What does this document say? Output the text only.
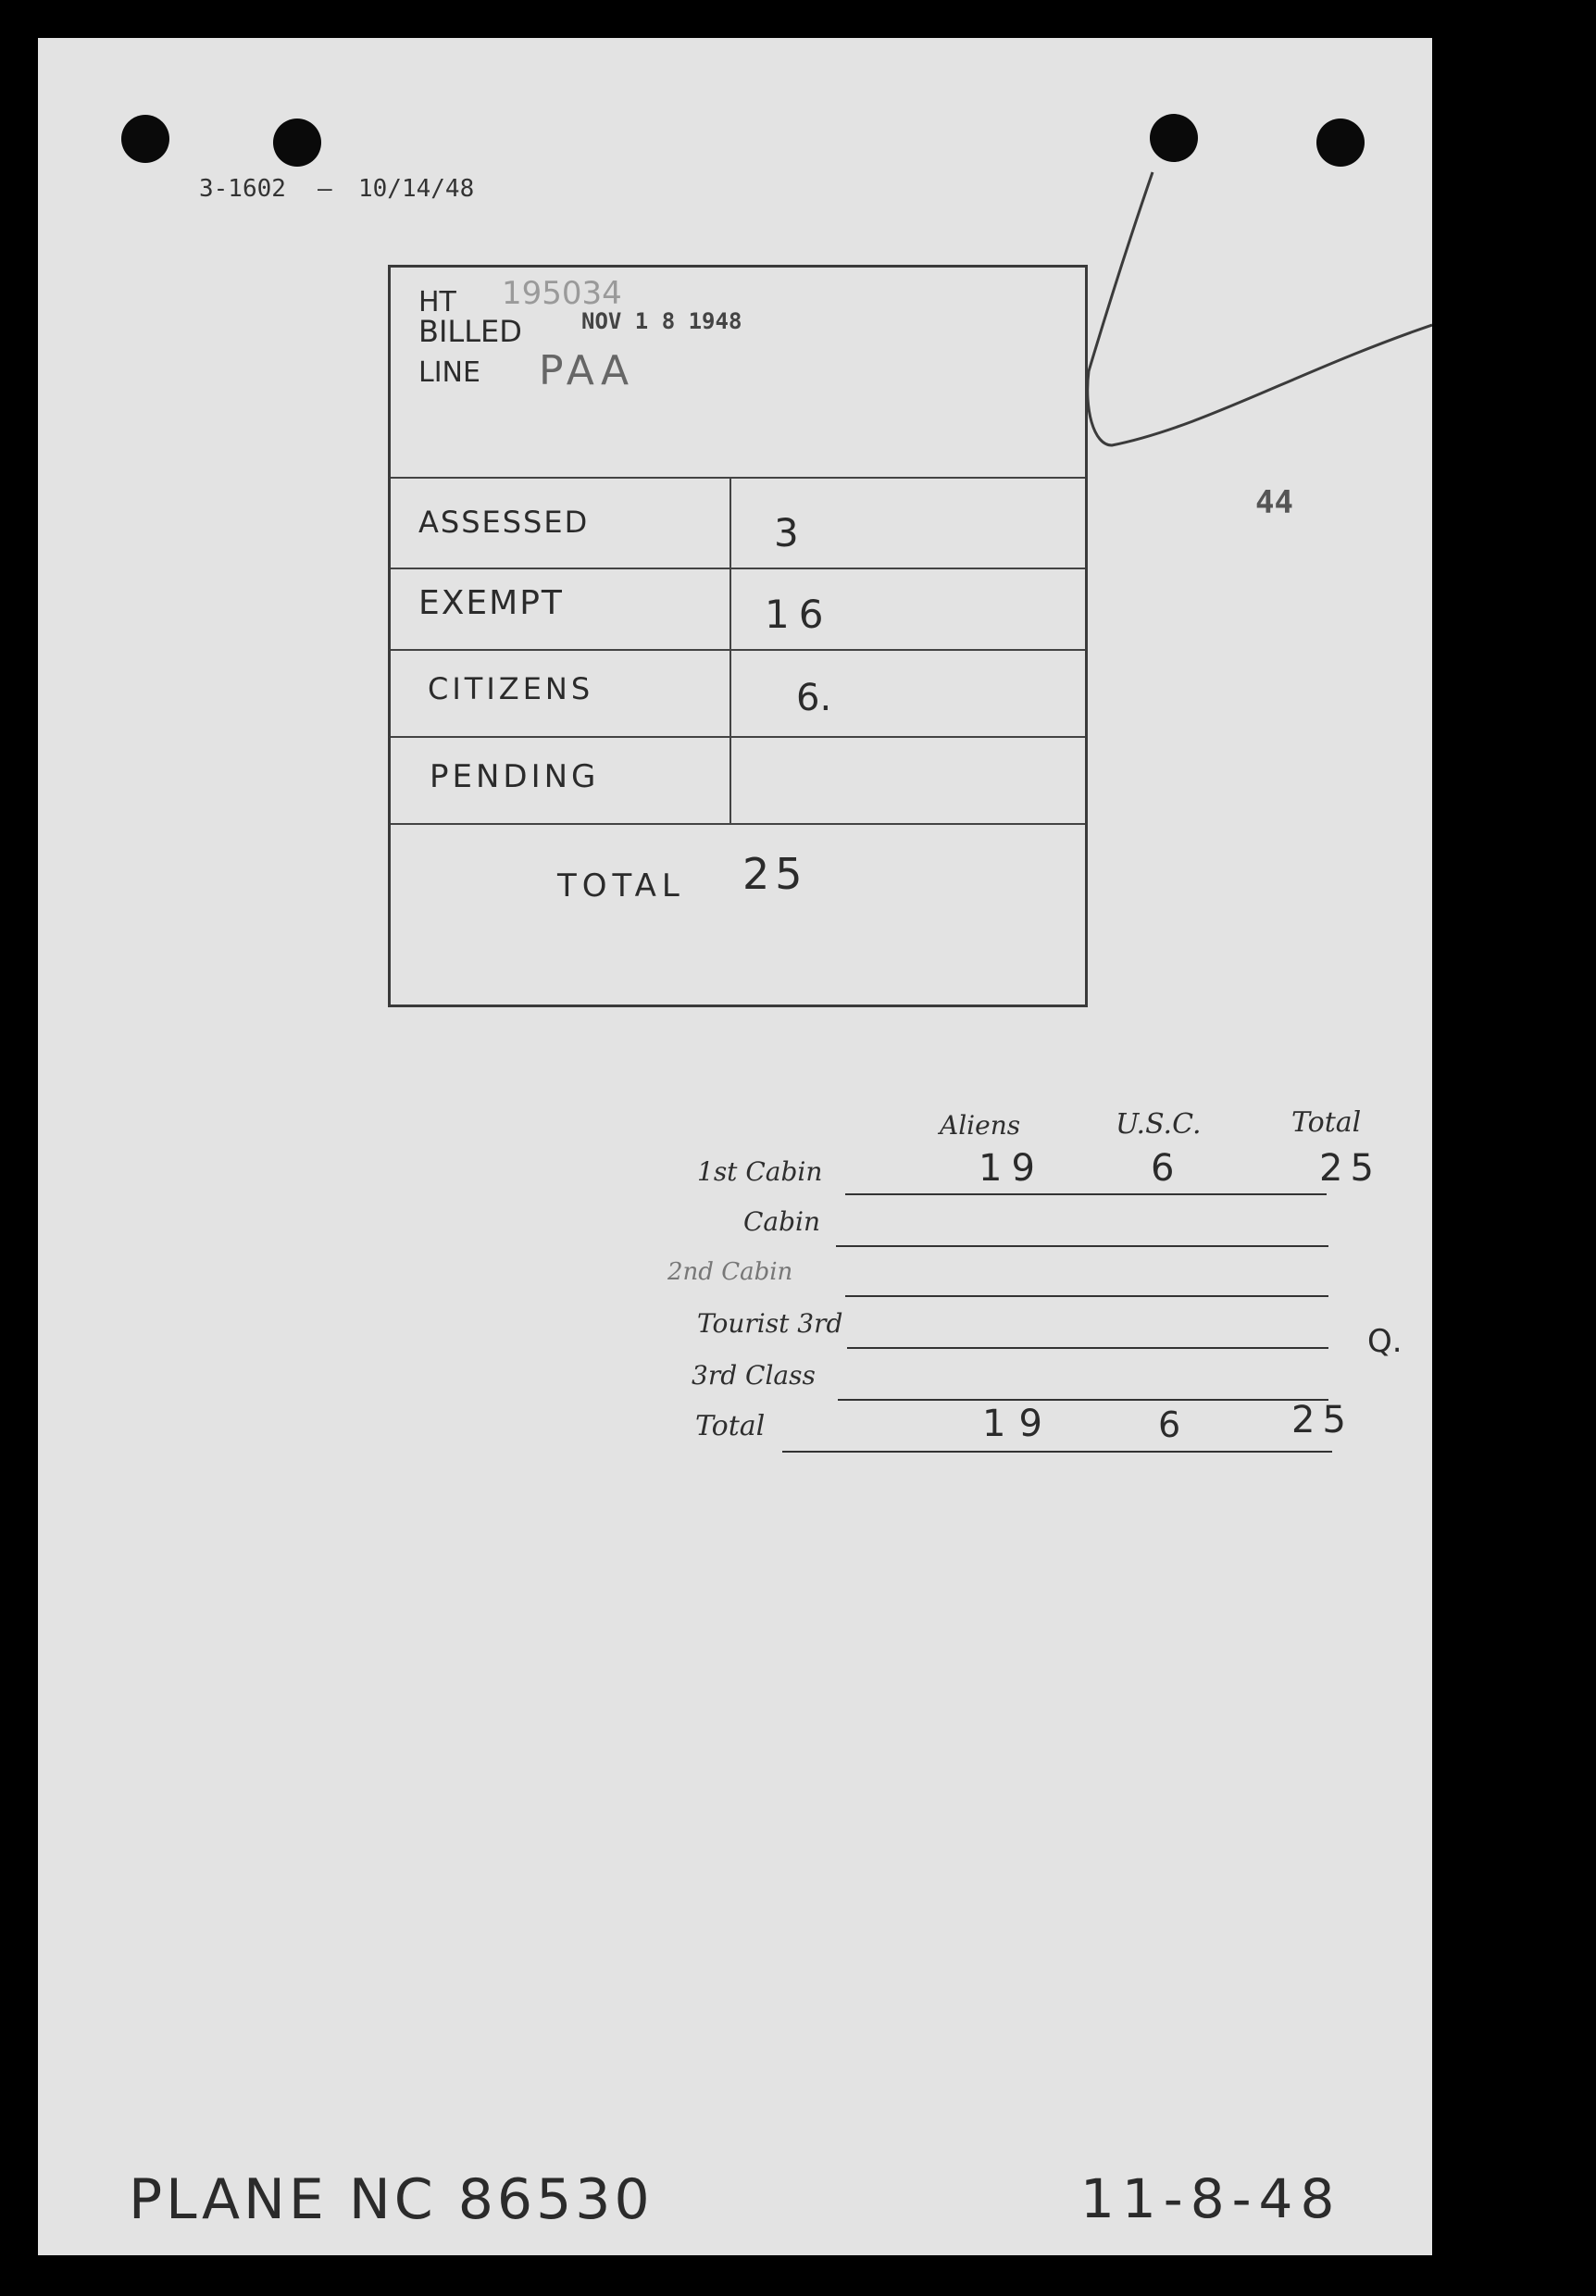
3-1602 — 10/14/48
44
HT 195034
BILLED	NOV 1 8 1948
LINE PAA
ASSESSED	3
EXEMPT	16
CITIZENS	6.
PENDING
TOTAL 25
Aliens	U.S.C.	Total
1st Cabin	19	6	25
Cabin
2nd Cabin
Tourist 3rd	Q.
3rd Class
Total	19	6	25
PLANE NC 86530	11-8-48
